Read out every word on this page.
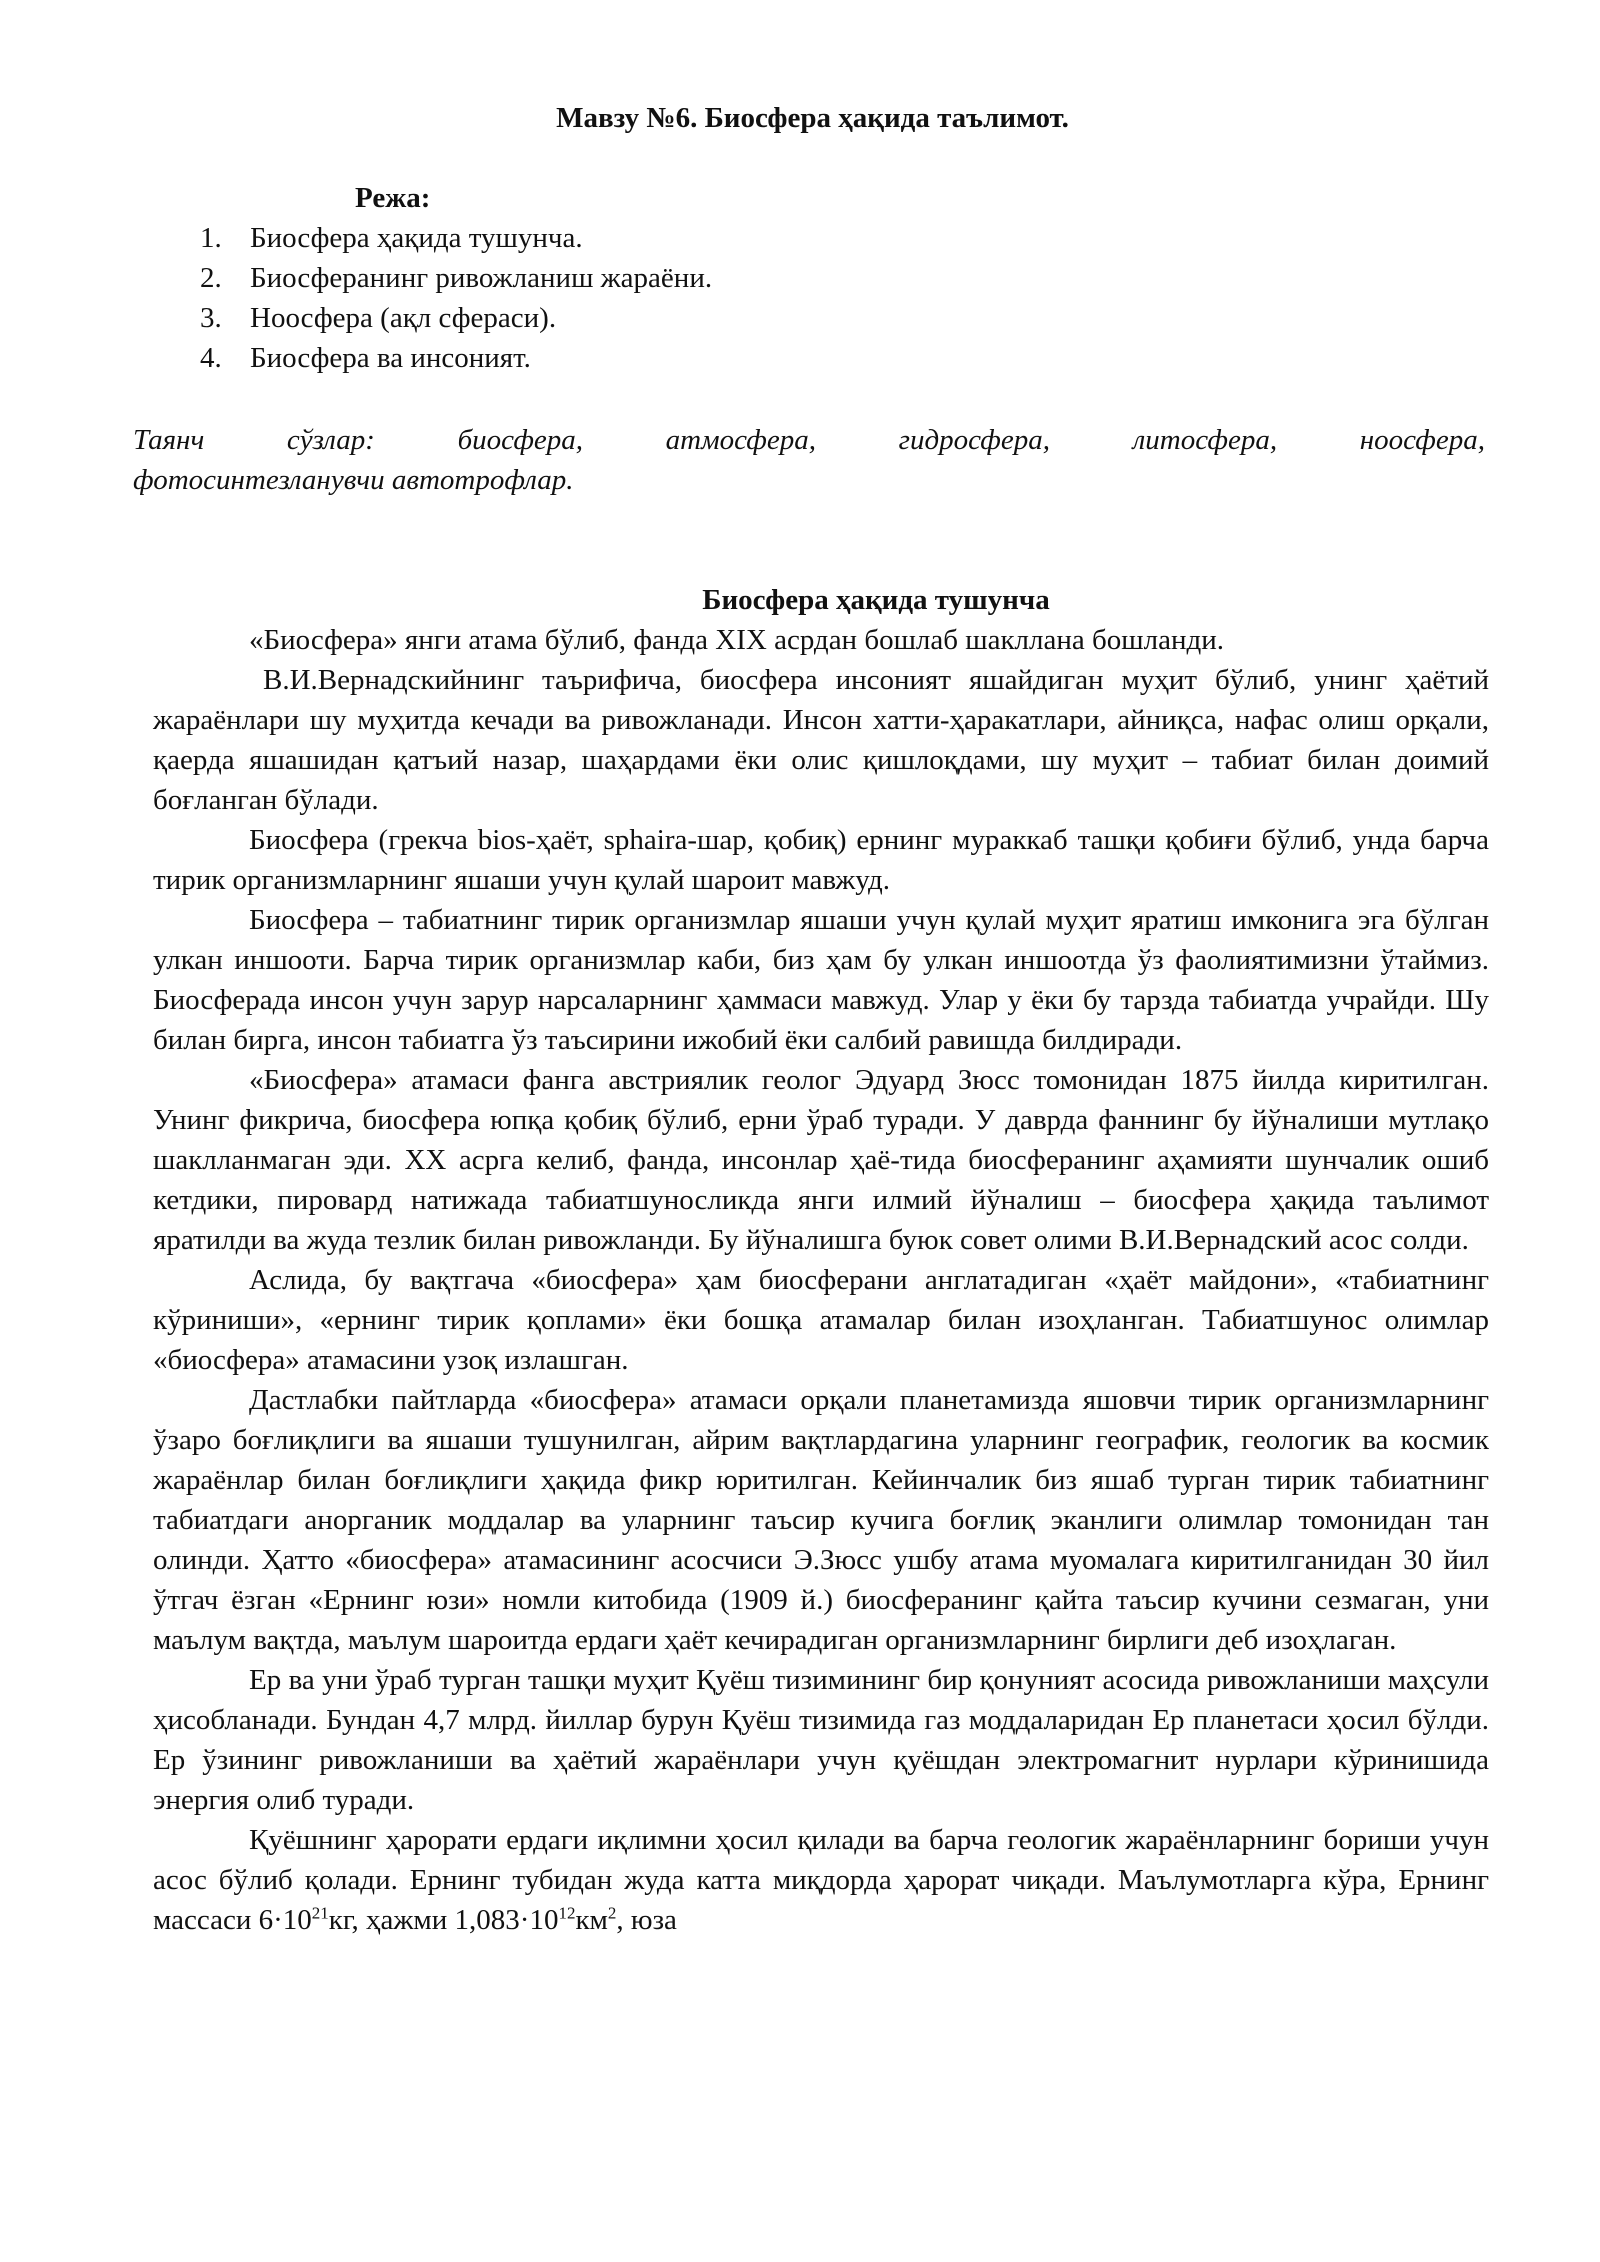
Мавзу №6. Биосфера ҳақида таълимот.
Режа:
1. Биосфера ҳақида тушунча.
2. Биосферанинг ривожланиш жараёни.
3. Ноосфера (ақл сфераси).
4. Биосфера ва инсоният.
Таянч сўзлар: биосфера, атмосфера, гидросфера, литосфера, ноосфера,
фотосинтезланувчи автотрофлар.
Биосфера ҳақида тушунча

«Биосфера» янги атама бўлиб, фанда XIX асрдан бошлаб шакллана бошланди.

В.И.Вернадскийнинг таърифича, биосфера инсоният яшайдиган муҳит бўлиб, унинг ҳаётий жараёнлари шу муҳитда кечади ва ривожланади. Инсон хатти-ҳаракатлари, айниқса, нафас олиш орқали, қаерда яшашидан қатъий назар, шаҳардами ёки олис қишлоқдами, шу муҳит – табиат билан доимий боғланган бўлади.

Биосфера (грекча bios-ҳаёт, sphaira-шар, қобиқ) ернинг мураккаб ташқи қобиғи бўлиб, унда барча тирик организмларнинг яшаши учун қулай шароит мавжуд.

Биосфера – табиатнинг тирик организмлар яшаши учун қулай муҳит яратиш имконига эга бўлган улкан иншооти. Барча тирик организмлар каби, биз ҳам бу улкан иншоотда ўз фаолиятимизни ўтаймиз. Биосферада инсон учун зарур нарсаларнинг ҳаммаси мавжуд. Улар у ёки бу тарзда табиатда учрайди. Шу билан бирга, инсон табиатга ўз таъсирини ижобий ёки салбий равишда билдиради.

«Биосфера» атамаси фанга австриялик геолог Эдуард Зюсс томонидан 1875 йилда киритилган. Унинг фикрича, биосфера юпқа қобиқ бўлиб, ерни ўраб туради. У даврда фаннинг бу йўналиши мутлақо шаклланмаган эди. XX асрга келиб, фанда, инсонлар ҳаё-тида биосферанинг аҳамияти шунчалик ошиб кетдики, пировард натижада табиатшуносликда янги илмий йўналиш – биосфера ҳақида таълимот яратилди ва жуда тезлик билан ривожланди. Бу йўналишга буюк совет олими В.И.Вернадский асос солди.

Аслида, бу вақтгача «биосфера» ҳам биосферани англатадиган «ҳаёт майдони», «табиатнинг кўриниши», «ернинг тирик қоплами» ёки бошқа атамалар билан изоҳланган. Табиатшунос олимлар «биосфера» атамасини узоқ излашган.

Дастлабки пайтларда «биосфера» атамаси орқали планетамизда яшовчи тирик организмларнинг ўзаро боғлиқлиги ва яшаши тушунилган, айрим вақтлардагина уларнинг географик, геологик ва космик жараёнлар билан боғлиқлиги ҳақида фикр юритилган. Кейинчалик биз яшаб турган тирик табиатнинг табиатдаги анорганик моддалар ва уларнинг таъсир кучига боғлиқ эканлиги олимлар томонидан тан олинди. Ҳатто «биосфера» атамасининг асосчиси Э.Зюсс ушбу атама муомалага киритилганидан 30 йил ўтгач ёзган «Ернинг юзи» номли китобида (1909 й.) биосферанинг қайта таъсир кучини сезмаган, уни маълум вақтда, маълум шароитда ердаги ҳаёт кечирадиган организмларнинг бирлиги деб изоҳлаган.

Ер ва уни ўраб турган ташқи муҳит Қуёш тизимининг бир қонуният асосида ривожланиши маҳсули ҳисобланади. Бундан 4,7 млрд. йиллар бурун Қуёш тизимида газ моддаларидан Ер планетаси ҳосил бўлди. Ер ўзининг ривожланиши ва ҳаётий жараёнлари учун қуёшдан электромагнит нурлари кўринишида энергия олиб туради.

Қуёшнинг ҳарорати ердаги иқлимни ҳосил қилади ва барча геологик жараёнларнинг бориши учун асос бўлиб қолади. Ернинг тубидан жуда катта миқдорда ҳарорат чиқади. Маълумотларга кўра, Ернинг массаси $6\cdot 10^{21}кг$, ҳажми $1,083\cdot 10^{12}км^2$, юза
